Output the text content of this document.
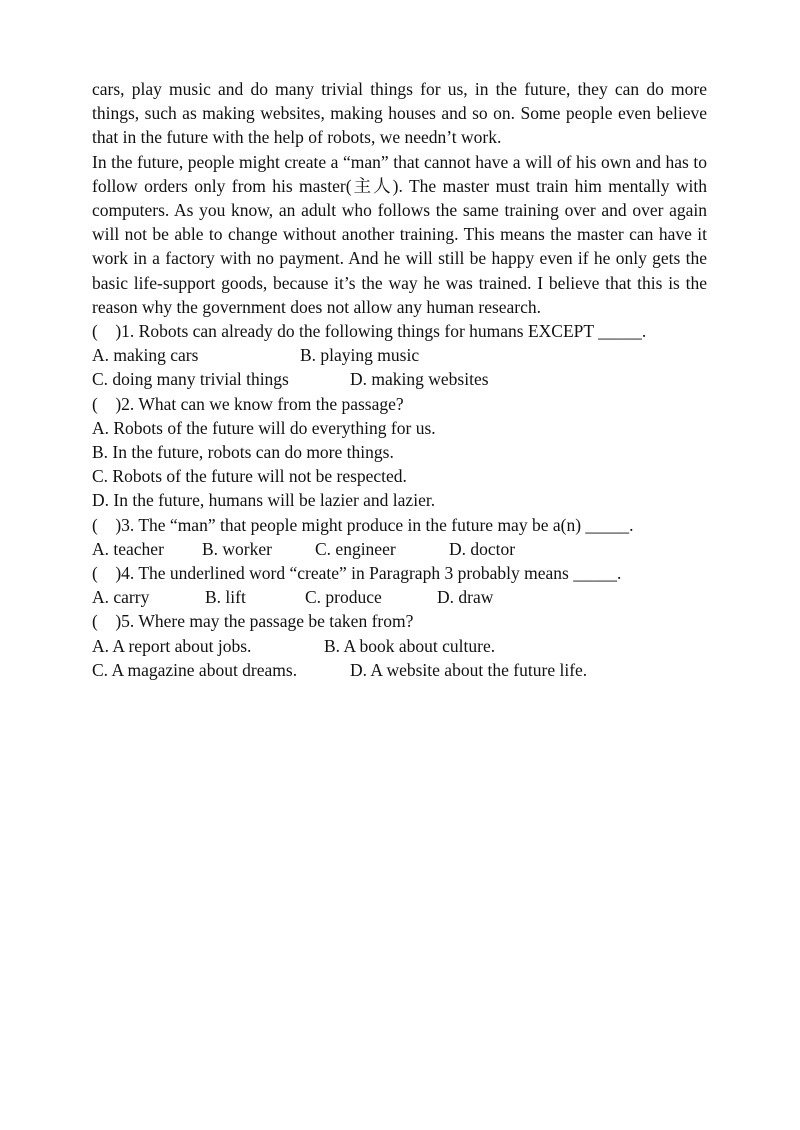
cars, play music and do many trivial things for us, in the future, they can do more things, such as making websites, making houses and so on. Some people even believe that in the future with the help of robots, we needn’t work.

In the future, people might create a “man” that cannot have a will of his own and has to follow orders only from his master(主人). The master must train him mentally with computers. As you know, an adult who follows the same training over and over again will not be able to change without another training. This means the master can have it work in a factory with no payment. And he will still be happy even if he only gets the basic life-support goods, because it’s the way he was trained. I believe that this is the reason why the government does not allow any human research.

(    )1. Robots can already do the following things for humans EXCEPT _____.

A. making cars	B. playing music
C. doing many trivial things	D. making websites

(    )2. What can we know from the passage?

A. Robots of the future will do everything for us.

B. In the future, robots can do more things.

C. Robots of the future will not be respected.

D. In the future, humans will be lazier and lazier.

(    )3. The “man” that people might produce in the future may be a(n) _____.

A. teacher	B. worker	C. engineer	D. doctor

(    )4. The underlined word “create” in Paragraph 3 probably means _____.

A. carry	B. lift	C. produce	D. draw

(    )5. Where may the passage be taken from?

A. A report about jobs.	B. A book about culture.
C. A magazine about dreams.	D. A website about the future life.
